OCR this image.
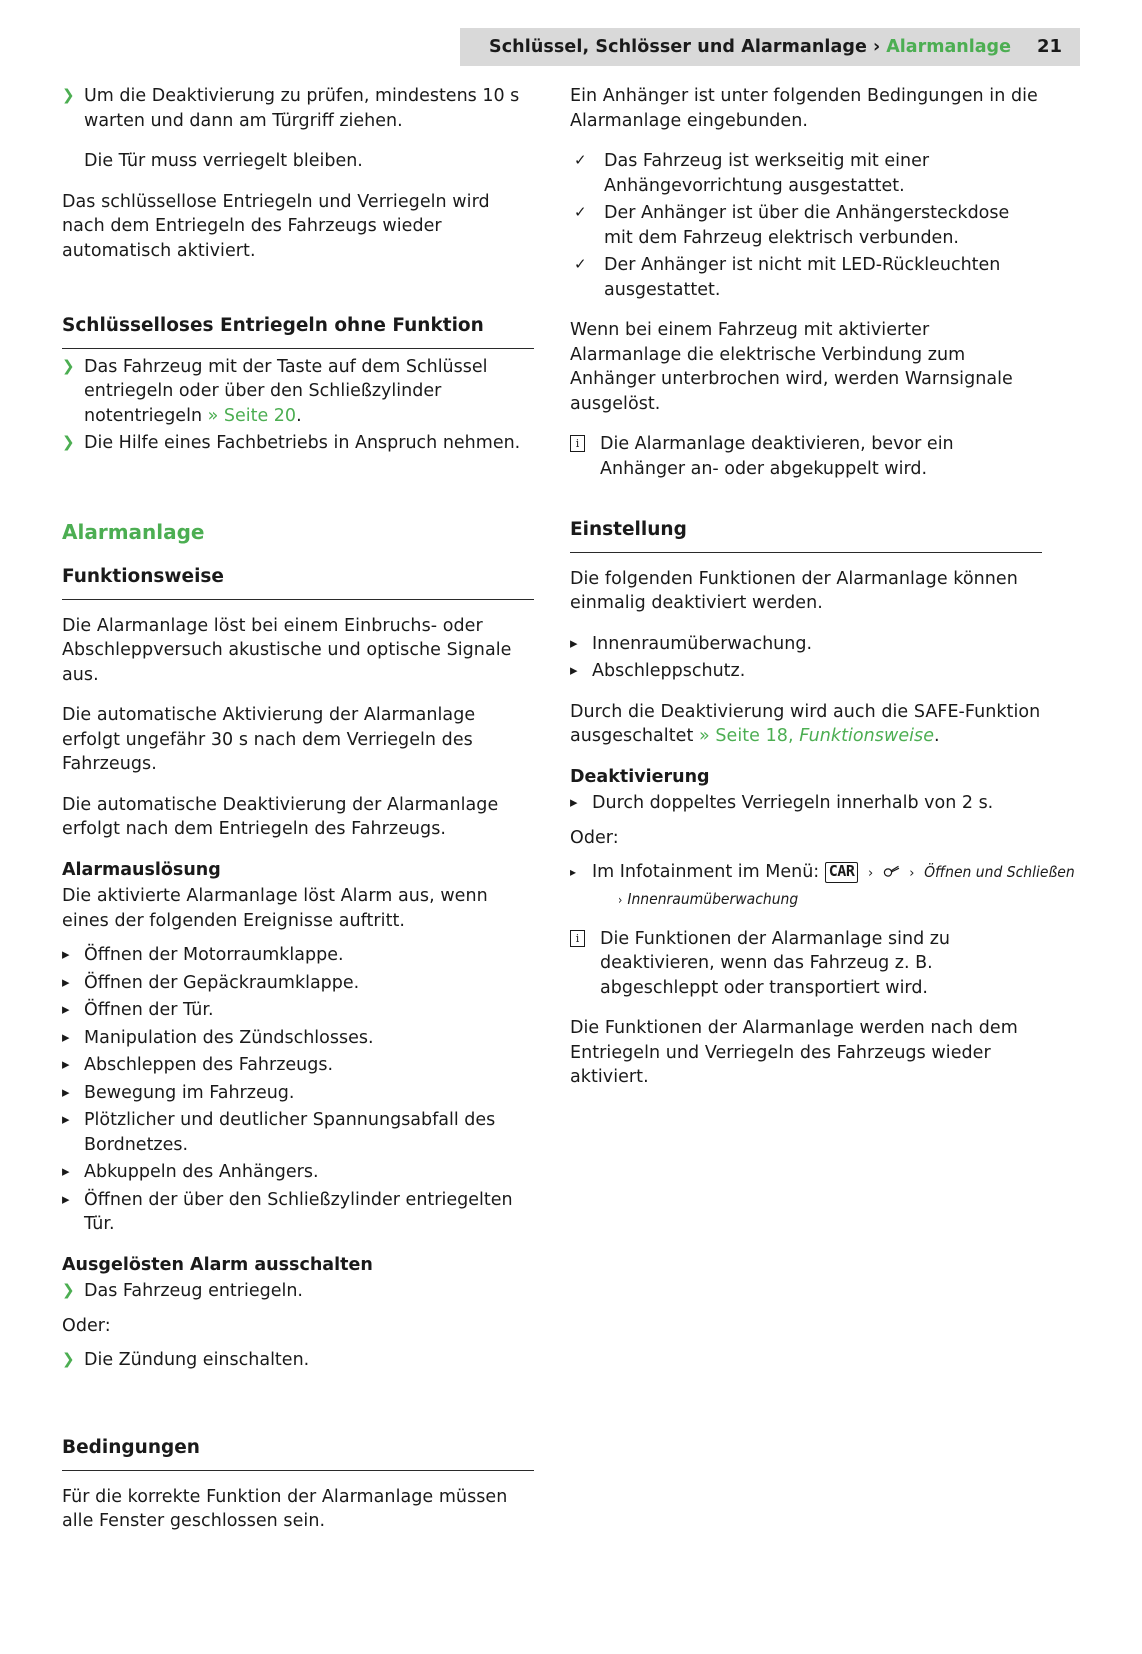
Schlüssel, Schlösser und Alarmanlage › Alarmanlage 21
❯ Um die Deaktivierung zu prüfen, mindestens 10 s warten und dann am Türgriff ziehen.
Die Tür muss verriegelt bleiben.

Das schlüssellose Entriegeln und Verriegeln wird nach dem Entriegeln des Fahrzeugs wieder automatisch aktiviert.

Schlüsselloses Entriegeln ohne Funktion
❯ Das Fahrzeug mit der Taste auf dem Schlüssel entriegeln oder über den Schließzylinder notentriegeln » Seite 20.
❯ Die Hilfe eines Fachbetriebs in Anspruch nehmen.
Alarmanlage
Funktionsweise

Die Alarmanlage löst bei einem Einbruchs- oder Abschleppversuch akustische und optische Signale aus.

Die automatische Aktivierung der Alarmanlage erfolgt ungefähr 30 s nach dem Verriegeln des Fahrzeugs.

Die automatische Deaktivierung der Alarmanlage erfolgt nach dem Entriegeln des Fahrzeugs.

Alarmauslösung

Die aktivierte Alarmanlage löst Alarm aus, wenn eines der folgenden Ereignisse auftritt.

▸ Öffnen der Motorraumklappe.
▸ Öffnen der Gepäckraumklappe.
▸ Öffnen der Tür.
▸ Manipulation des Zündschlosses.
▸ Abschleppen des Fahrzeugs.
▸ Bewegung im Fahrzeug.
▸ Plötzlicher und deutlicher Spannungsabfall des Bordnetzes.
▸ Abkuppeln des Anhängers.
▸ Öffnen der über den Schließzylinder entriegelten Tür.
Ausgelösten Alarm ausschalten
❯ Das Fahrzeug entriegeln.

Oder:

❯ Die Zündung einschalten.
Bedingungen

Für die korrekte Funktion der Alarmanlage müssen alle Fenster geschlossen sein.

Ein Anhänger ist unter folgenden Bedingungen in die Alarmanlage eingebunden.

✓ Das Fahrzeug ist werkseitig mit einer Anhängevorrichtung ausgestattet.
✓ Der Anhänger ist über die Anhängersteckdose mit dem Fahrzeug elektrisch verbunden.
✓ Der Anhänger ist nicht mit LED-Rückleuchten ausgestattet.

Wenn bei einem Fahrzeug mit aktivierter Alarmanlage die elektrische Verbindung zum Anhänger unterbrochen wird, werden Warnsignale ausgelöst.

i	Die Alarmanlage deaktivieren, bevor ein Anhänger an- oder abgekuppelt wird.
Einstellung

Die folgenden Funktionen der Alarmanlage können einmalig deaktiviert werden.

▸ Innenraumüberwachung.
▸ Abschleppschutz.

Durch die Deaktivierung wird auch die SAFE-Funktion ausgeschaltet » Seite 18, Funktionsweise.

Deaktivierung
▸ Durch doppeltes Verriegeln innerhalb von 2 s.

Oder:

▸ Im Infotainment im Menü: CAR ›	› Öffnen und Schließen
› Innenraumüberwachung
i	Die Funktionen der Alarmanlage sind zu deaktivieren, wenn das Fahrzeug z. B. abgeschleppt oder transportiert wird.

Die Funktionen der Alarmanlage werden nach dem Entriegeln und Verriegeln des Fahrzeugs wieder aktiviert.
